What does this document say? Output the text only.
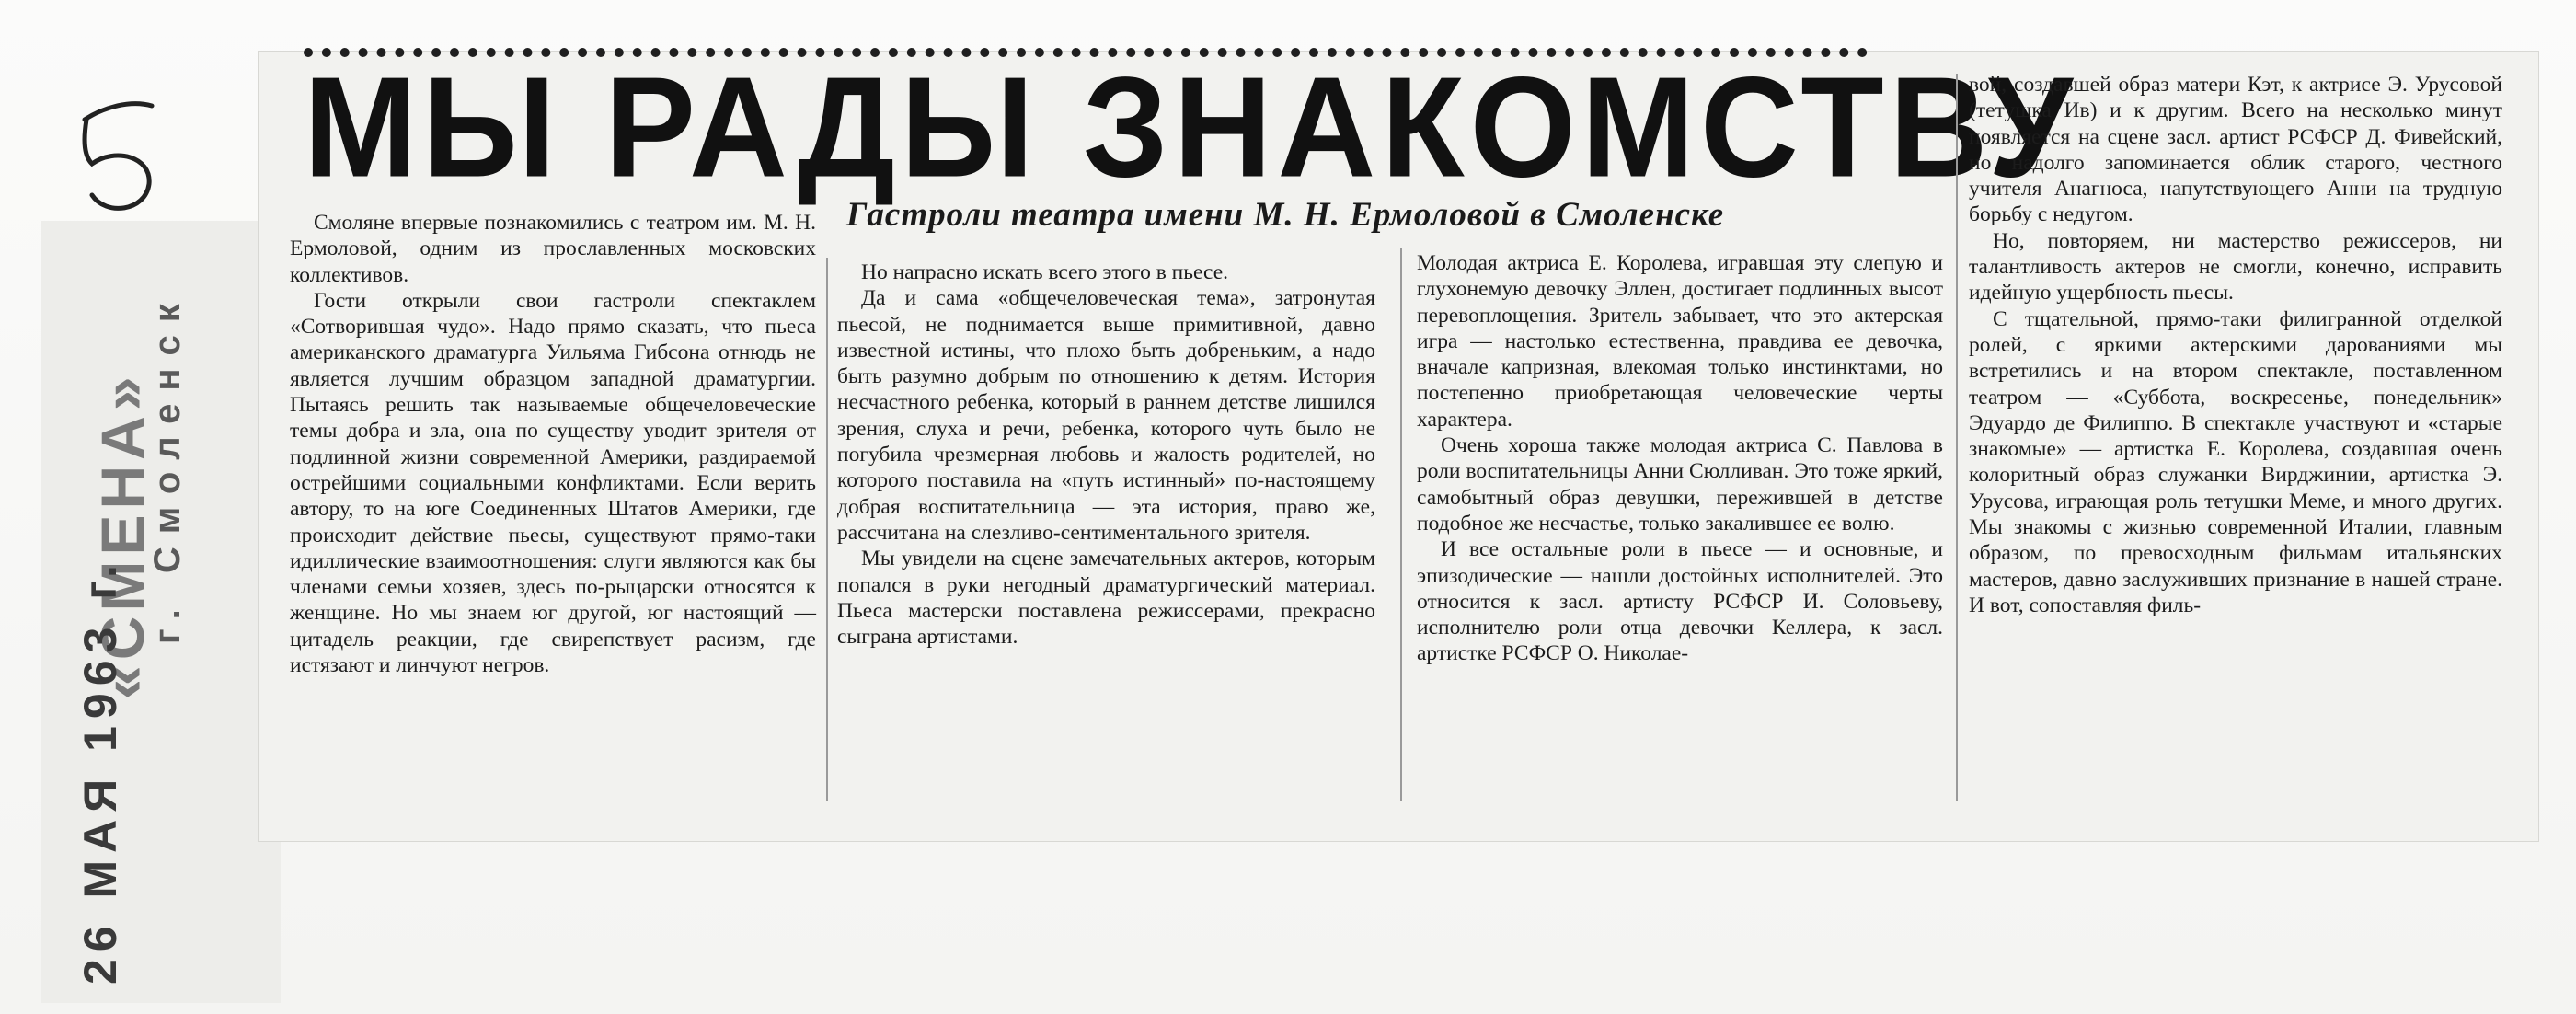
«СМЕНА»
г. Смоленск
26 МАЯ 1963 г.
МЫ РАДЫ ЗНАКОМСТВУ
Гастроли театра имени М. Н. Ермоловой в Смоленске

Смоляне впервые познакомились с театром им. М. Н. Ермоловой, одним из прославленных московских коллективов.

Гости открыли свои гастроли спектаклем «Сотворившая чудо». Надо прямо сказать, что пьеса американского драматурга Уильяма Гибсона отнюдь не является лучшим образцом западной драматургии. Пытаясь решить так называемые общечеловеческие темы добра и зла, она по существу уводит зрителя от подлинной жизни современной Америки, раздираемой острейшими социальными конфликтами. Если верить автору, то на юге Соединенных Штатов Америки, где происходит действие пьесы, существуют прямо-таки идиллические взаимоотношения: слуги являются как бы членами семьи хозяев, здесь по-рыцарски относятся к женщине. Но мы знаем юг другой, юг настоящий — цитадель реакции, где свирепствует расизм, где истязают и линчуют негров.

Но напрасно искать всего этого в пьесе.

Да и сама «общечеловеческая тема», затронутая пьесой, не поднимается выше примитивной, давно известной истины, что плохо быть добреньким, а надо быть разумно добрым по отношению к детям. История несчастного ребенка, который в раннем детстве лишился зрения, слуха и речи, ребенка, которого чуть было не погубила чрезмерная любовь и жалость родителей, но которого поставила на «путь истинный» по-настоящему добрая воспитательница — эта история, право же, рассчитана на слезливо-сентиментального зрителя.

Мы увидели на сцене замечательных актеров, которым попался в руки негодный драматургический материал. Пьеса мастерски поставлена режиссерами, прекрасно сыграна артистами.

Молодая актриса Е. Королева, игравшая эту слепую и глухонемую девочку Эллен, достигает подлинных высот перевоплощения. Зритель забывает, что это актерская игра — настолько естественна, правдива ее девочка, вначале капризная, влекомая только инстинктами, но постепенно приобретающая человеческие черты характера.

Очень хороша также молодая актриса С. Павлова в роли воспитательницы Анни Сюлливан. Это тоже яркий, самобытный образ девушки, пережившей в детстве подобное же несчастье, только закалившее ее волю.

И все остальные роли в пьесе — и основные, и эпизодические — нашли достойных исполнителей. Это относится к засл. артисту РСФСР И. Соловьеву, исполнителю роли отца девочки Келлера, к засл. артистке РСФСР О. Николае-

вой, создавшей образ матери Кэт, к актрисе Э. Урусовой (тетушка Ив) и к другим. Всего на несколько минут появляется на сцене засл. артист РСФСР Д. Фивейский, но надолго запоминается облик старого, честного учителя Анагноса, напутствующего Анни на трудную борьбу с недугом.

Но, повторяем, ни мастерство режиссеров, ни талантливость актеров не смогли, конечно, исправить идейную ущербность пьесы.

С тщательной, прямо-таки филигранной отделкой ролей, с яркими актерскими дарованиями мы встретились и на втором спектакле, поставленном театром — «Суббота, воскресенье, понедельник» Эдуардо де Филиппо. В спектакле участвуют и «старые знакомые» — артистка Е. Королева, создавшая очень колоритный образ служанки Вирджинии, артистка Э. Урусова, играющая роль тетушки Меме, и много других. Мы знакомы с жизнью современной Италии, главным образом, по превосходным фильмам итальянских мастеров, давно заслуживших признание в нашей стране. И вот, сопоставляя филь-
